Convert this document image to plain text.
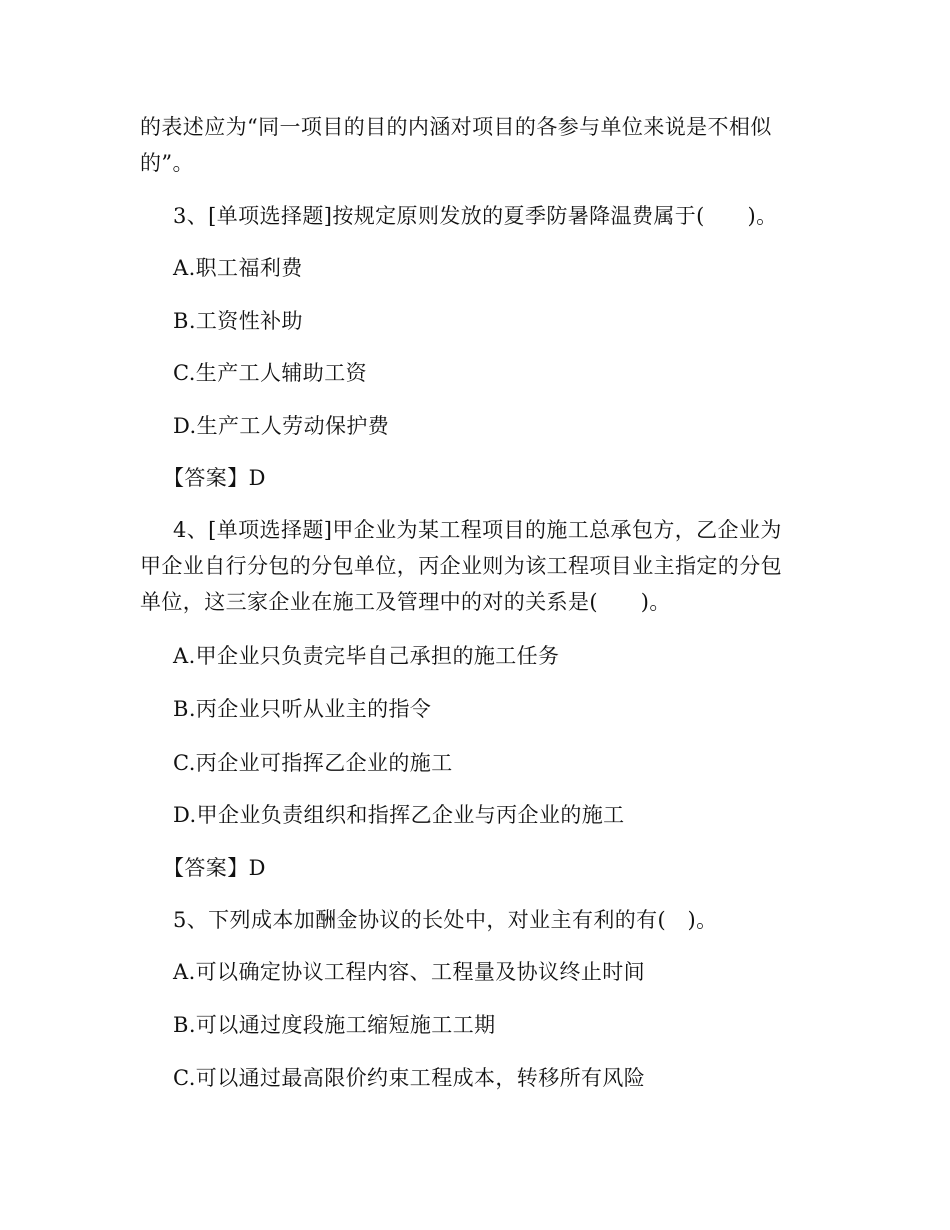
的表述应为“同一项目的目的内涵对项目的各参与单位来说是不相似
的”。
3、[单项选择题]按规定原则发放的夏季防暑降温费属于(　　)。
A.职工福利费
B.工资性补助
C.生产工人辅助工资
D.生产工人劳动保护费
【答案】D
4、[单项选择题]甲企业为某工程项目的施工总承包方，乙企业为
甲企业自行分包的分包单位，丙企业则为该工程项目业主指定的分包
单位，这三家企业在施工及管理中的对的关系是(　　)。
A.甲企业只负责完毕自己承担的施工任务
B.丙企业只听从业主的指令
C.丙企业可指挥乙企业的施工
D.甲企业负责组织和指挥乙企业与丙企业的施工
【答案】D
5、下列成本加酬金协议的长处中，对业主有利的有(　)。
A.可以确定协议工程内容、工程量及协议终止时间
B.可以通过度段施工缩短施工工期
C.可以通过最高限价约束工程成本，转移所有风险
